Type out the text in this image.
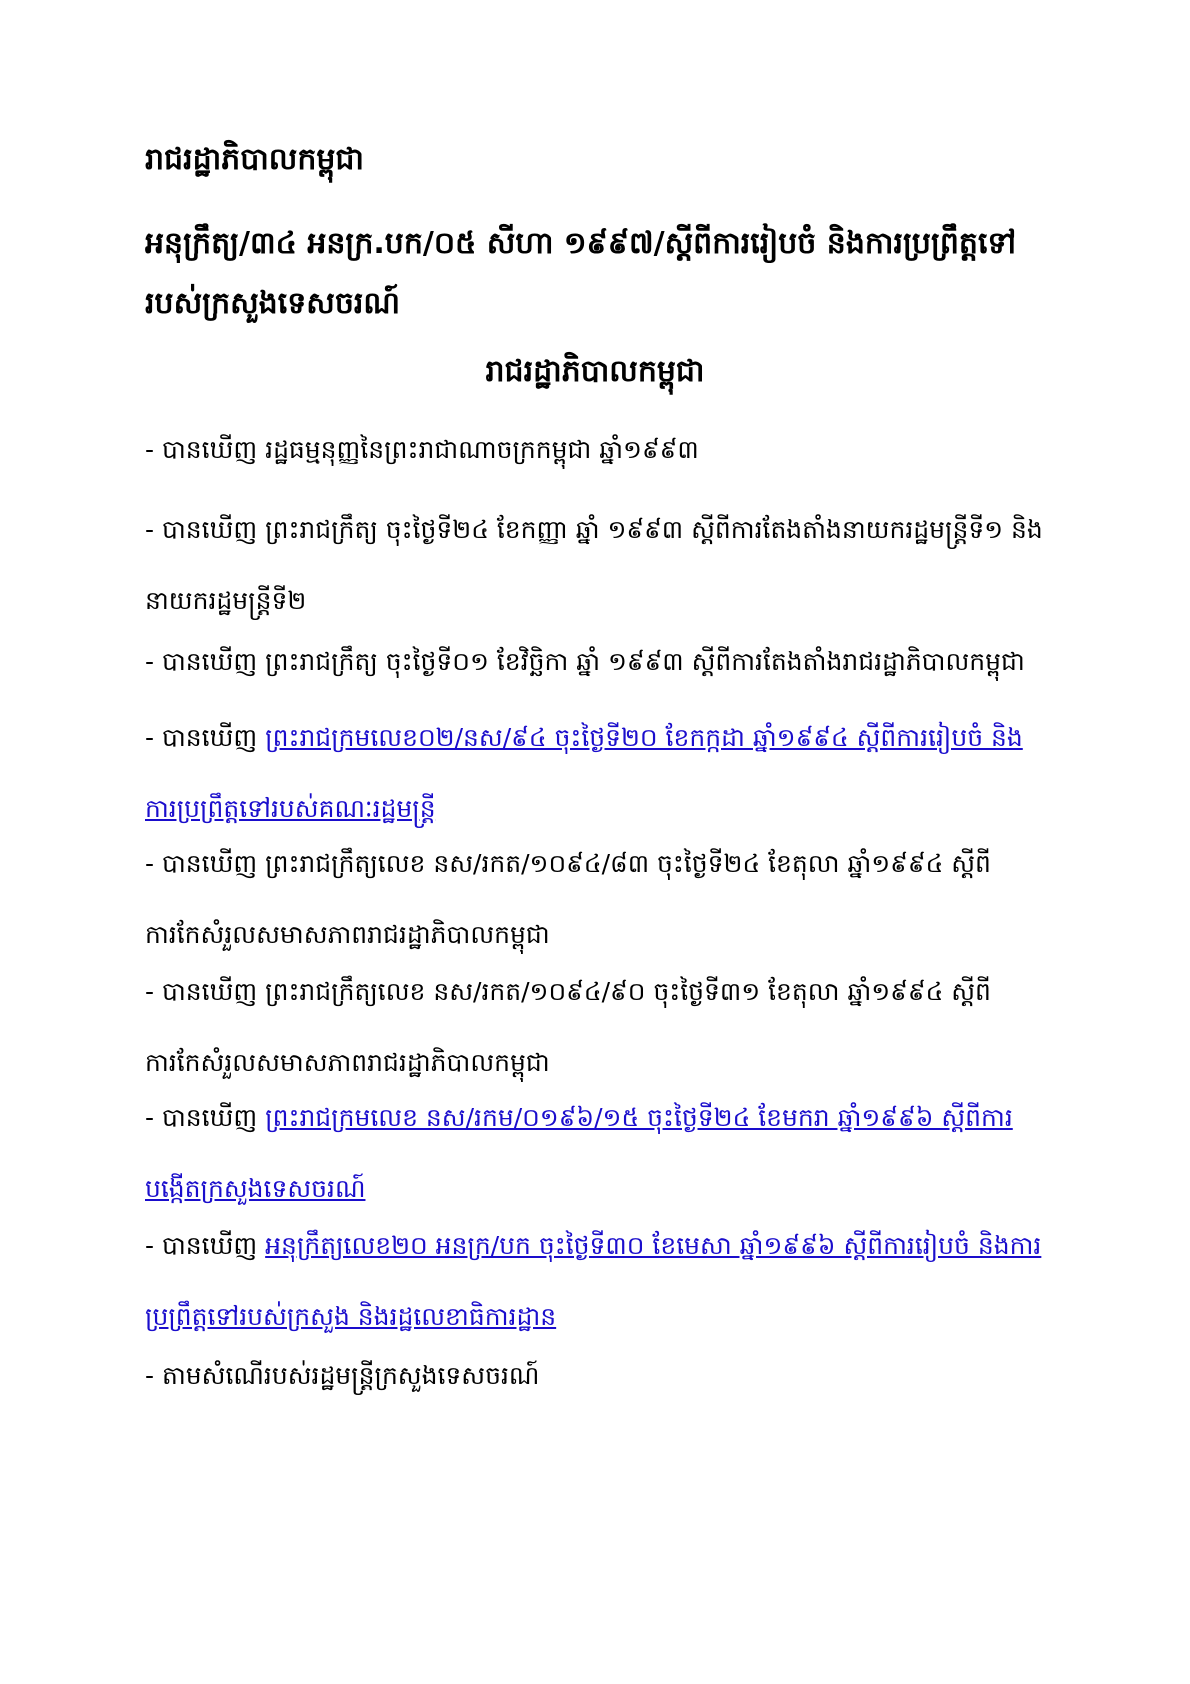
រាជរដ្ឋាភិបាលកម្ពុជា
អនុក្រឹត្យ/៣៤ អនក្រ.បក/០៥ សីហា ១៩៩៧/ស្ដីពីការរៀបចំ និងការប្រព្រឹត្តទៅរបស់ក្រសួងទេសចរណ៍
រាជរដ្ឋាភិបាលកម្ពុជា
- បានឃើញ រដ្ឋធម្មនុញ្ញនៃព្រះរាជាណាចក្រកម្ពុជា ឆ្នាំ១៩៩៣
- បានឃើញ ព្រះរាជក្រឹត្យ ចុះថ្ងៃទី២៤ ខែកញ្ញា ឆ្នាំ ១៩៩៣ ស្ដីពីការតែងតាំងនាយករដ្ឋមន្ត្រីទី១ និងនាយករដ្ឋមន្ត្រីទី២
- បានឃើញ ព្រះរាជក្រឹត្យ ចុះថ្ងៃទី០១ ខែវិច្ឆិកា ឆ្នាំ ១៩៩៣ ស្ដីពីការតែងតាំងរាជរដ្ឋាភិបាលកម្ពុជា
- បានឃើញ ព្រះរាជក្រមលេខ០២/នស/៩៤ ចុះថ្ងៃទី២០ ខែកក្កដា ឆ្នាំ១៩៩៤ ស្ដីពីការរៀបចំ និងការប្រព្រឹត្តទៅរបស់គណៈរដ្ឋមន្ត្រី
- បានឃើញ ព្រះរាជក្រឹត្យលេខ នស/រកត/១០៩៤/៨៣ ចុះថ្ងៃទី២៤ ខែតុលា ឆ្នាំ១៩៩៤ ស្ដីពីការកែសំរួលសមាសភាពរាជរដ្ឋាភិបាលកម្ពុជា
- បានឃើញ ព្រះរាជក្រឹត្យលេខ នស/រកត/១០៩៤/៩០ ចុះថ្ងៃទី៣១ ខែតុលា ឆ្នាំ១៩៩៤ ស្ដីពីការកែសំរួលសមាសភាពរាជរដ្ឋាភិបាលកម្ពុជា
- បានឃើញ ព្រះរាជក្រមលេខ នស/រកម/០១៩៦/១៥ ចុះថ្ងៃទី២៤ ខែមករា ឆ្នាំ១៩៩៦ ស្ដីពីការបង្កើតក្រសួងទេសចរណ៍
- បានឃើញ អនុក្រឹត្យលេខ២០ អនក្រ/បក ចុះថ្ងៃទី៣០ ខែមេសា ឆ្នាំ១៩៩៦ ស្ដីពីការរៀបចំ និងការប្រព្រឹត្តទៅរបស់ក្រសួង និងរដ្ឋលេខាធិការដ្ឋាន
- តាមសំណើរបស់រដ្ឋមន្ត្រីក្រសួងទេសចរណ៍
